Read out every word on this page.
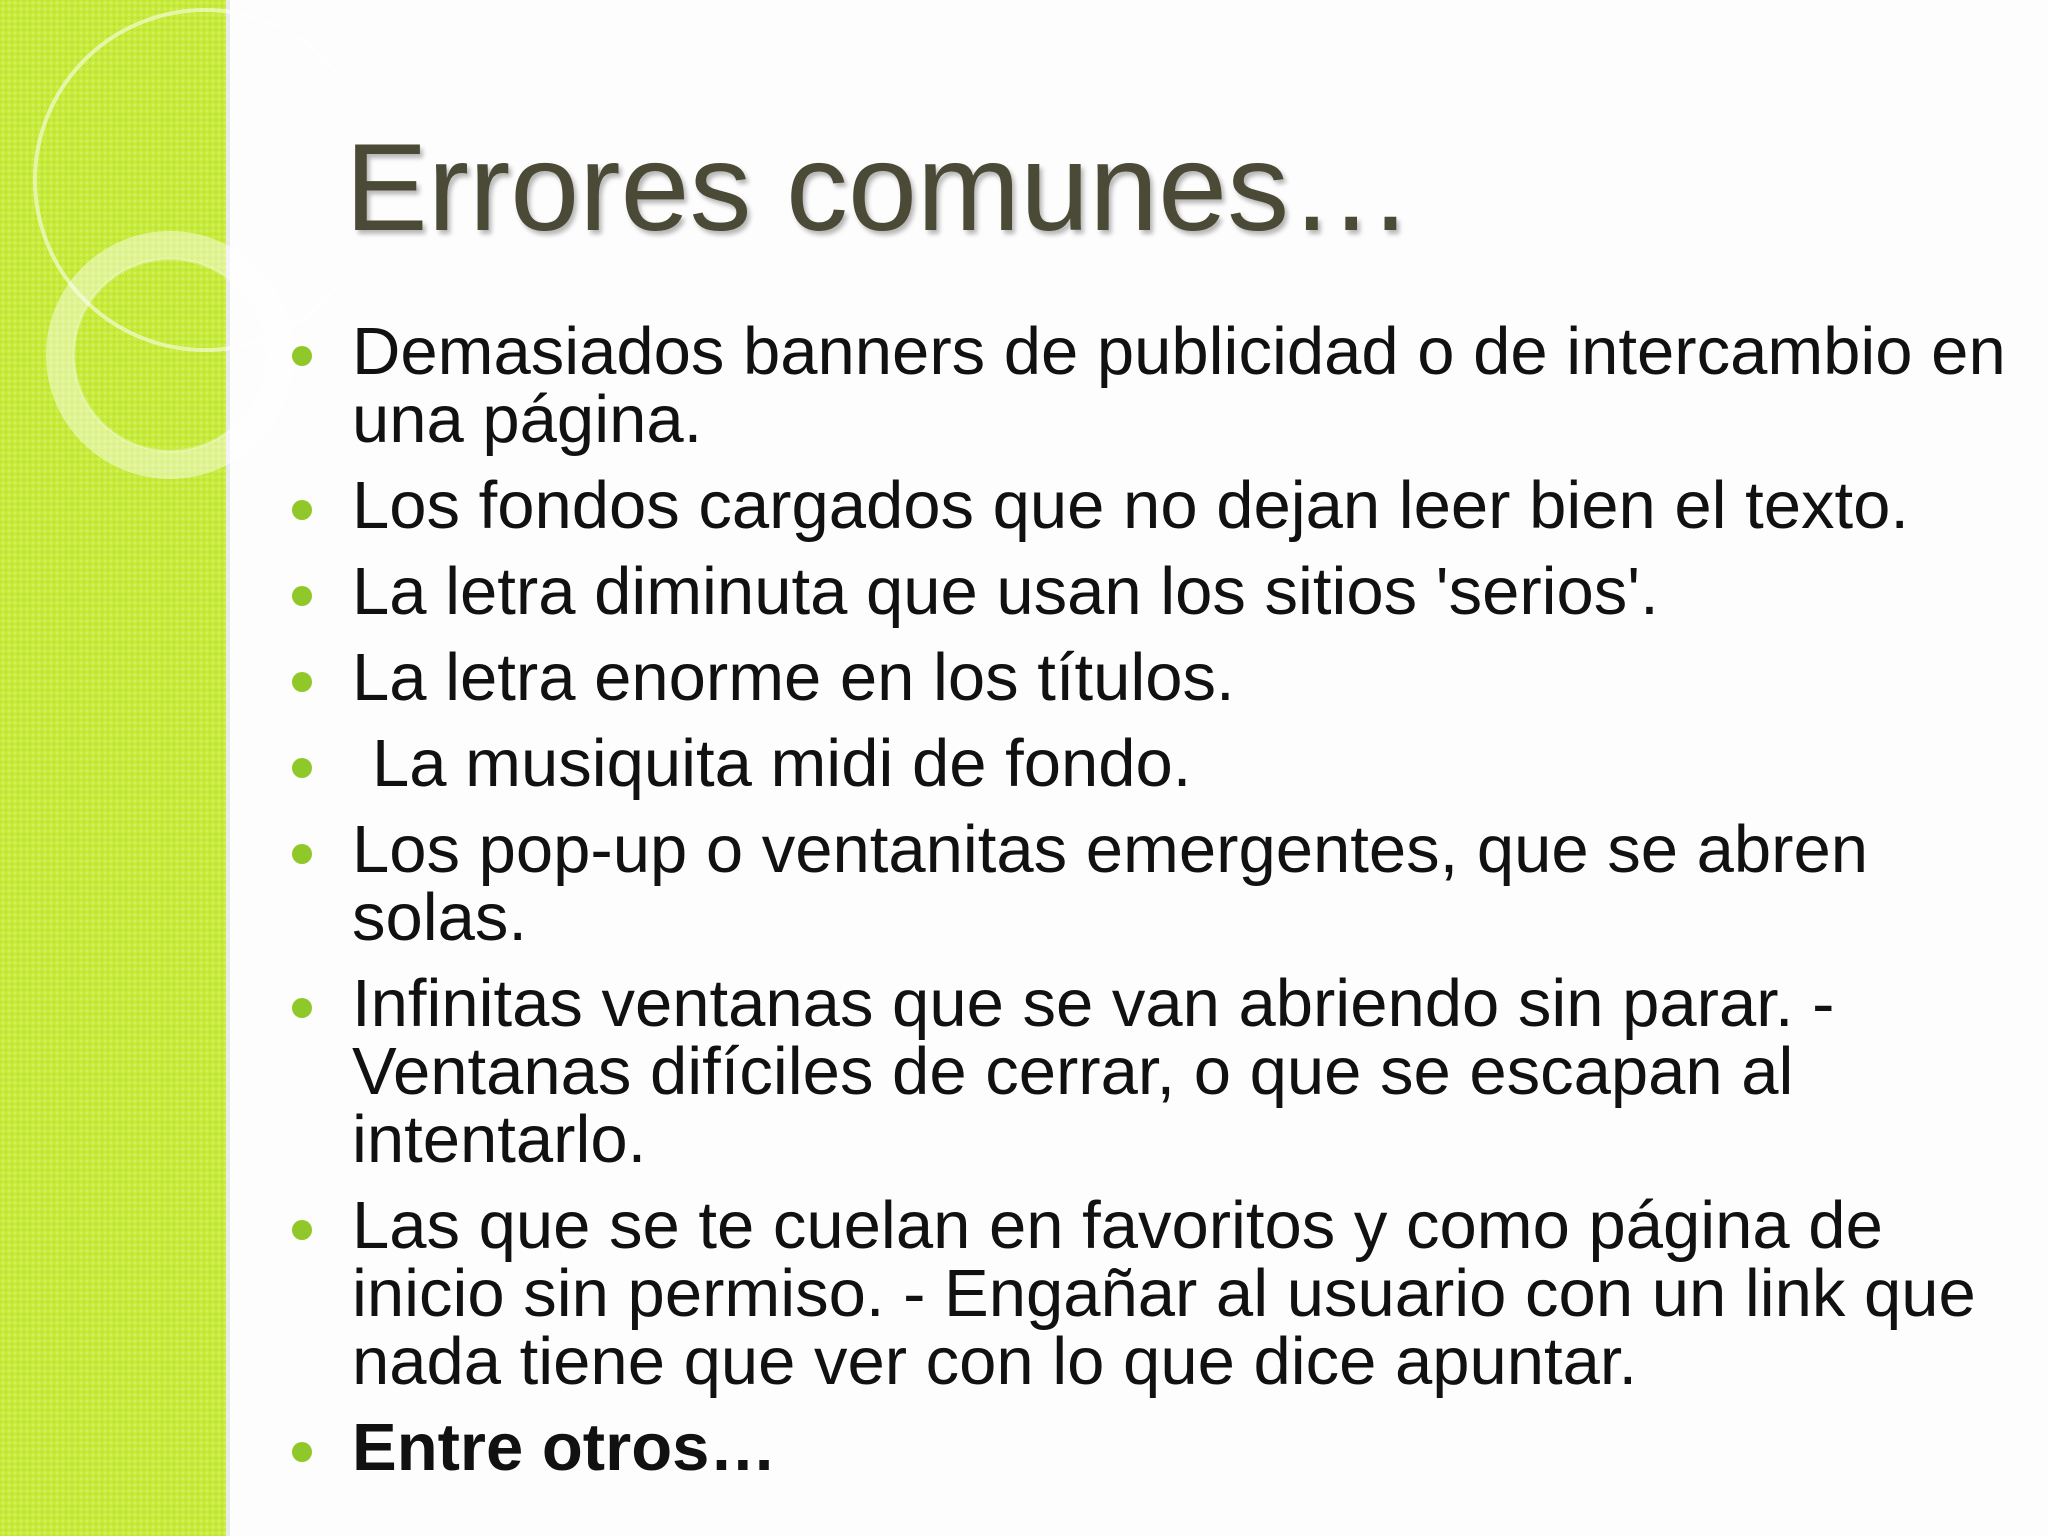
Errores comunes…
Demasiados banners de publicidad o de intercambio en una página.
Los fondos cargados que no dejan leer bien el texto.
La letra diminuta que usan los sitios 'serios'.
La letra enorme en los títulos.
La musiquita midi de fondo.
Los pop-up o ventanitas emergentes, que se abren solas.
Infinitas ventanas que se van abriendo sin parar. - Ventanas difíciles de cerrar, o que se escapan al intentarlo.
Las que se te cuelan en favoritos y como página de inicio sin permiso. - Engañar al usuario con un link que nada tiene que ver con lo que dice apuntar.
Entre otros…
